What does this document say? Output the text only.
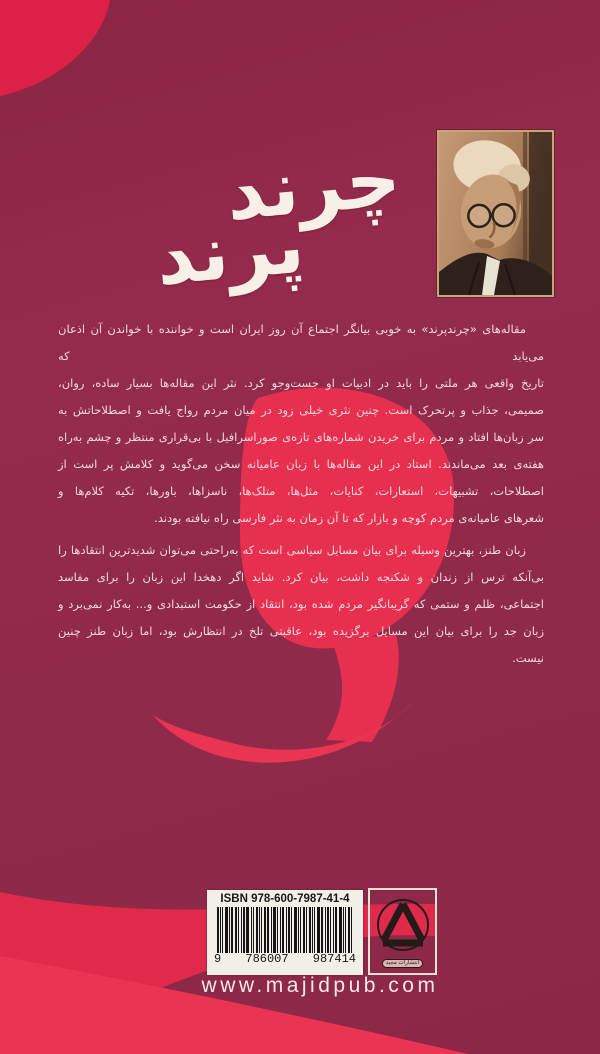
چرند
پرند
مقاله‌های «چرندپرند» به خوبی بیانگر اجتماع آن روز ایران است و خواننده با خواندن آن اذعان می‌یابد که
تاریخ واقعی هر ملتی را باید در ادبیات او جست‌وجو کرد. نثر این مقاله‌ها بسیار ساده، روان،
صمیمی، جذاب و پرتحرک است. چنین نثری خیلی زود در میان مردم رواج یافت و اصطلاحاتش به
سر زبان‌ها افتاد و مردم برای خریدن شماره‌های تازه‌ی صوراسرافیل با بی‌قراری منتظر و چشم به‌راه
هفته‌ی بعد می‌ماندند. استاد در این مقاله‌ها با زبان عامیانه سخن می‌گوید و کلامش پر است از
اصطلاحات، تشبیهات، استعارات، کنایات، مثل‌ها، متلک‌ها، ناسزاها، باورها، تکیه کلام‌ها و
شعرهای عامیانه‌ی مردم کوچه و بازار که تا آن زمان به نثر فارسی راه نیافته بودند.
زبان طنز، بهترین وسیله برای بیان مسایل سیاسی است که به‌راحتی می‌توان شدیدترین انتقادها را
بی‌آنکه ترس از زندان و شکنجه داشت، بیان کرد. شاید اگر دهخدا این زبان را برای مفاسد
اجتماعی، ظلم و ستمی که گریبانگیر مردم شده بود، انتقاد از حکومت استبدادی و... به‌کار نمی‌برد و
زبان جد را برای بیان این مسایل برگزیده بود، عاقبتی تلخ در انتظارش بود، اما زبان طنز چنین
نیست.
ISBN 978-600-7987-41-4
9 786007 987414	انتشارات مجید
www.majidpub.com
